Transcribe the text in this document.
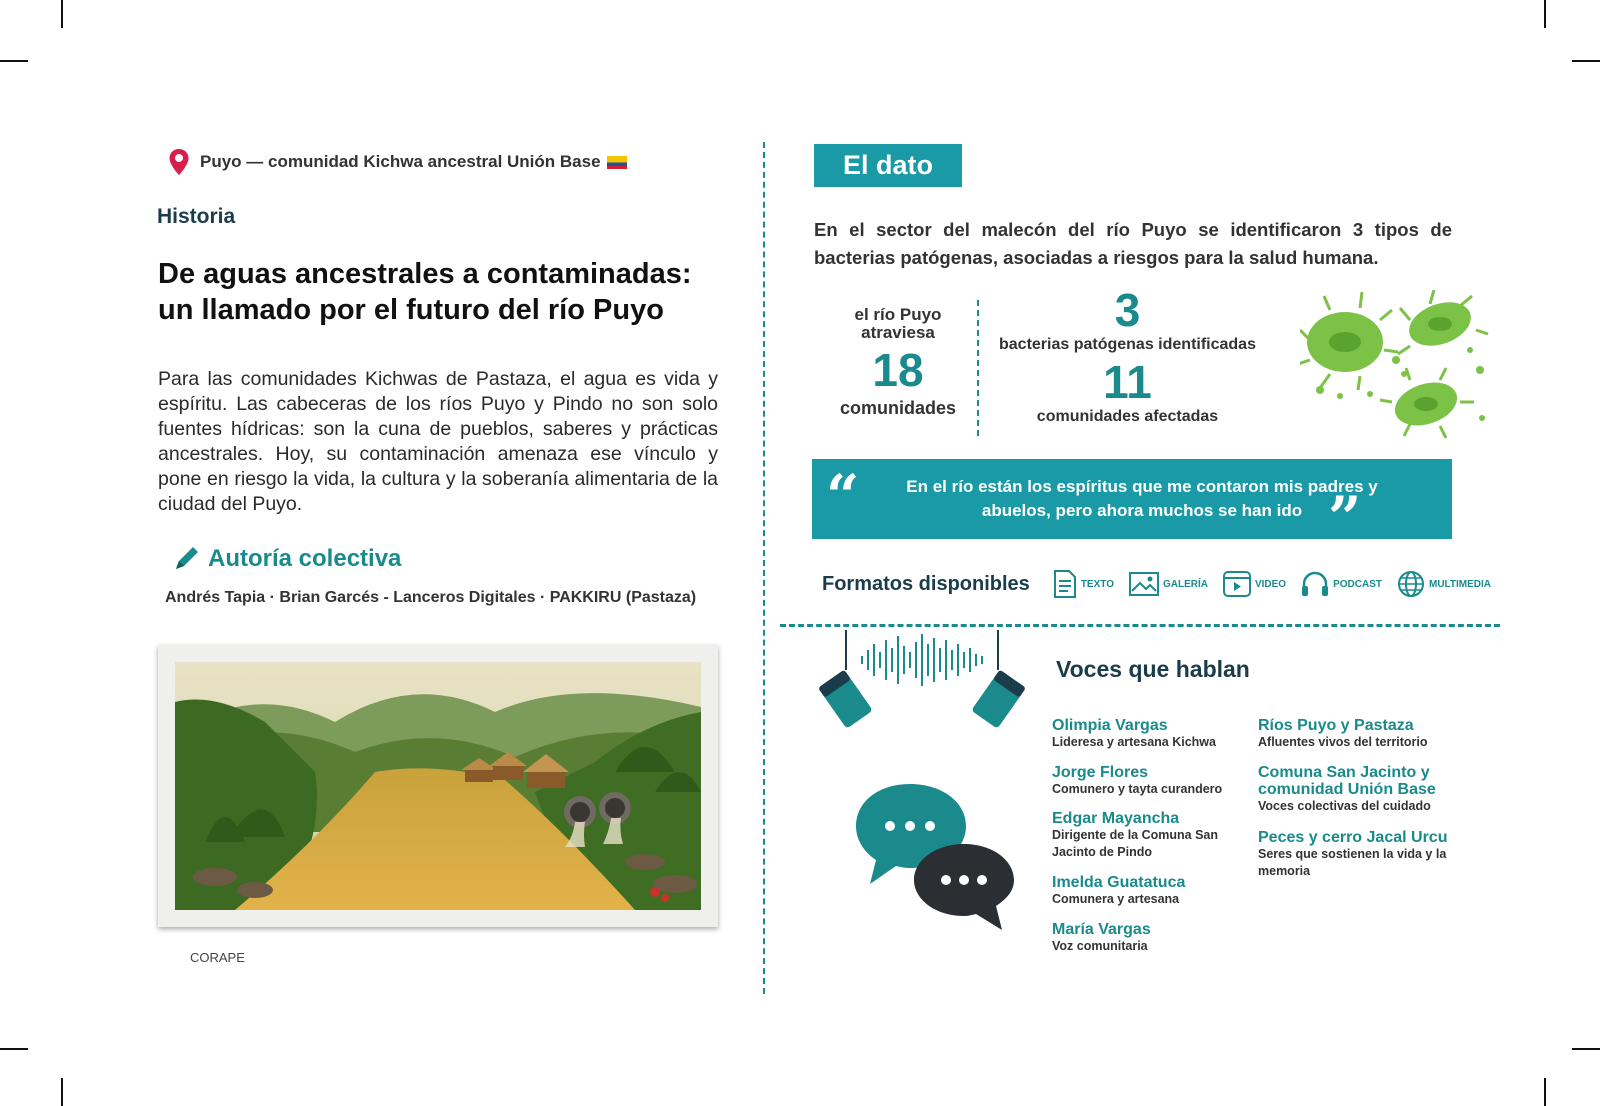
Puyo — comunidad Kichwa ancestral Unión Base
Historia
De aguas ancestrales a contaminadas:
un llamado por el futuro del río Puyo
Para las comunidades Kichwas de Pastaza, el agua es vida y espíritu. Las cabeceras de los ríos Puyo y Pindo no son solo fuentes hídricas: son la cuna de pueblos, saberes y prácticas ancestrales. Hoy, su contaminación amenaza ese vínculo y pone en riesgo la vida, la cultura y la soberanía alimentaria de la ciudad del Puyo.
Autoría colectiva
Andrés Tapia · Brian Garcés - Lanceros Digitales · PAKKIRU (Pastaza)
CORAPE
El dato
En el sector del malecón del río Puyo se identificaron 3 tipos de bacterias patógenas, asociadas a riesgos para la salud humana.
el río Puyo atraviesa
18
comunidades
3
bacterias patógenas identificadas
11
comunidades afectadas
“	En el río están los espíritus que me contaron mis padres y abuelos, pero ahora muchos se han ido ”
Formatos disponibles	TEXTO	GALERÍA	VIDEO	PODCAST	MULTIMEDIA
Voces que hablan
Olimpia Vargas
Lideresa y artesana Kichwa
Jorge Flores
Comunero y tayta curandero
Edgar Mayancha
Dirigente de la Comuna San Jacinto de Pindo
Imelda Guatatuca
Comunera y artesana
María Vargas
Voz comunitaria
Ríos Puyo y Pastaza
Afluentes vivos del territorio
Comuna San Jacinto y comunidad Unión Base
Voces colectivas del cuidado
Peces y cerro Jacal Urcu
Seres que sostienen la vida y la memoria
